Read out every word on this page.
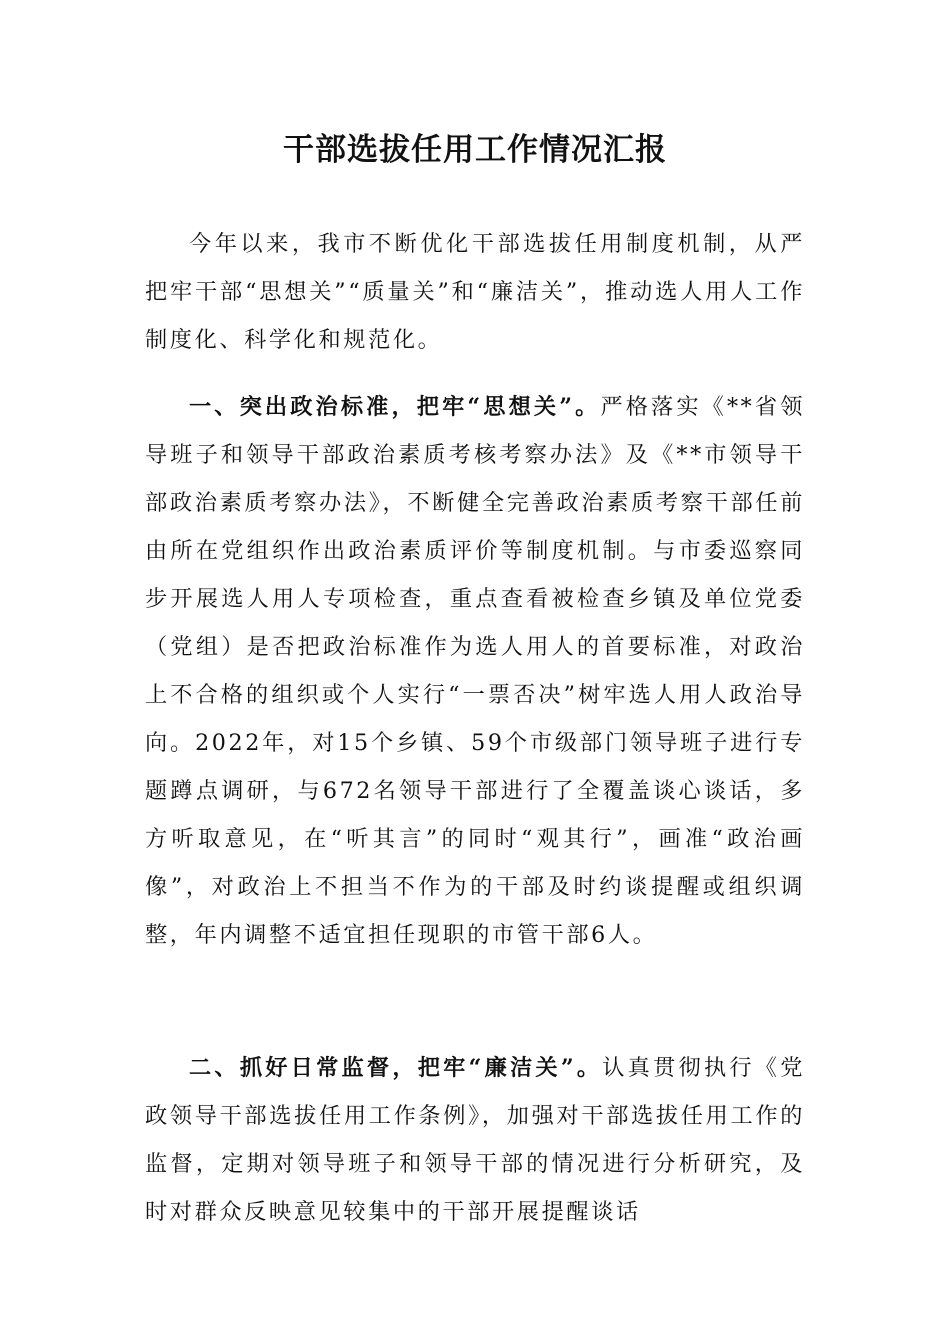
干部选拔任用工作情况汇报

今年以来，我市不断优化干部选拔任用制度机制，从严把牢干部“思想关”“质量关”和“廉洁关”，推动选人用人工作制度化、科学化和规范化。

一、突出政治标准，把牢“思想关”。严格落实《**省领导班子和领导干部政治素质考核考察办法》及《**市领导干部政治素质考察办法》，不断健全完善政治素质考察干部任前由所在党组织作出政治素质评价等制度机制。与市委巡察同步开展选人用人专项检查，重点查看被检查乡镇及单位党委（党组）是否把政治标准作为选人用人的首要标准，对政治上不合格的组织或个人实行“一票否决”树牢选人用人政治导向。2022年，对15个乡镇、59个市级部门领导班子进行专题蹲点调研，与672名领导干部进行了全覆盖谈心谈话，多方听取意见，在“听其言”的同时“观其行”，画准“政治画像”，对政治上不担当不作为的干部及时约谈提醒或组织调整，年内调整不适宜担任现职的市管干部6人。

二、抓好日常监督，把牢“廉洁关”。认真贯彻执行《党政领导干部选拔任用工作条例》，加强对干部选拔任用工作的监督，定期对领导班子和领导干部的情况进行分析研究，及时对群众反映意见较集中的干部开展提醒谈话
